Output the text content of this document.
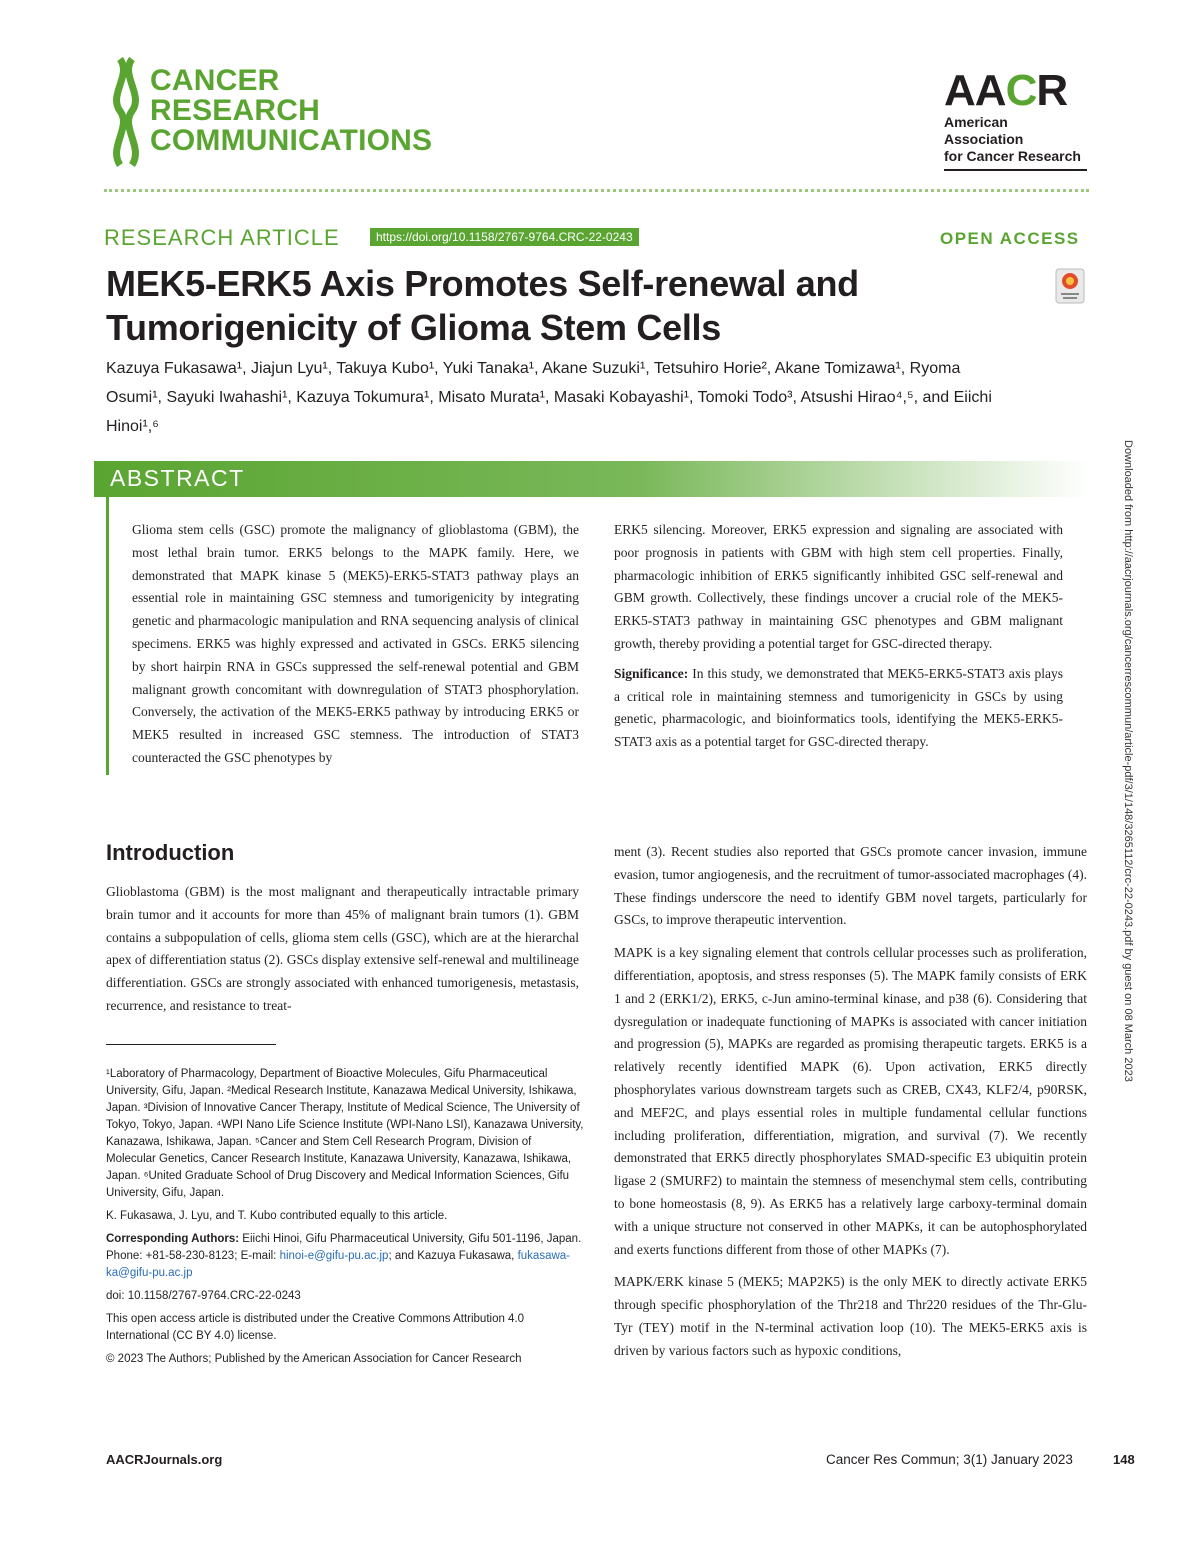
CANCER
RESEARCH
COMMUNICATIONS
AACR
American Association
for Cancer Research
RESEARCH ARTICLE	https://doi.org/10.1158/2767-9764.CRC-22-0243	OPEN ACCESS
MEK5-ERK5 Axis Promotes Self-renewal and Tumorigenicity of Glioma Stem Cells
Kazuya Fukasawa¹, Jiajun Lyu¹, Takuya Kubo¹, Yuki Tanaka¹, Akane Suzuki¹, Tetsuhiro Horie², Akane Tomizawa¹, Ryoma Osumi¹, Sayuki Iwahashi¹, Kazuya Tokumura¹, Misato Murata¹, Masaki Kobayashi¹, Tomoki Todo³, Atsushi Hirao⁴,⁵, and Eiichi Hinoi¹,⁶
ABSTRACT

Glioma stem cells (GSC) promote the malignancy of glioblastoma (GBM), the most lethal brain tumor. ERK5 belongs to the MAPK family. Here, we demonstrated that MAPK kinase 5 (MEK5)-ERK5-STAT3 pathway plays an essential role in maintaining GSC stemness and tumorigenicity by integrating genetic and pharmacologic manipulation and RNA sequencing analysis of clinical specimens. ERK5 was highly expressed and activated in GSCs. ERK5 silencing by short hairpin RNA in GSCs suppressed the self-renewal potential and GBM malignant growth concomitant with downregulation of STAT3 phosphorylation. Conversely, the activation of the MEK5-ERK5 pathway by introducing ERK5 or MEK5 resulted in increased GSC stemness. The introduction of STAT3 counteracted the GSC phenotypes by

ERK5 silencing. Moreover, ERK5 expression and signaling are associated with poor prognosis in patients with GBM with high stem cell properties. Finally, pharmacologic inhibition of ERK5 significantly inhibited GSC self-renewal and GBM growth. Collectively, these findings uncover a crucial role of the MEK5-ERK5-STAT3 pathway in maintaining GSC phenotypes and GBM malignant growth, thereby providing a potential target for GSC-directed therapy.

Significance: In this study, we demonstrated that MEK5-ERK5-STAT3 axis plays a critical role in maintaining stemness and tumorigenicity in GSCs by using genetic, pharmacologic, and bioinformatics tools, identifying the MEK5-ERK5-STAT3 axis as a potential target for GSC-directed therapy.	Downloaded from http://aacrjournals.org/cancerrescommun/article-pdf/3/1/148/3265112/crc-22-0243.pdf by guest on 08 March 2023
Introduction

Glioblastoma (GBM) is the most malignant and therapeutically intractable primary brain tumor and it accounts for more than 45% of malignant brain tumors (1). GBM contains a subpopulation of cells, glioma stem cells (GSC), which are at the hierarchal apex of differentiation status (2). GSCs display extensive self-renewal and multilineage differentiation. GSCs are strongly associated with enhanced tumorigenesis, metastasis, recurrence, and resistance to treat-

ment (3). Recent studies also reported that GSCs promote cancer invasion, immune evasion, tumor angiogenesis, and the recruitment of tumor-associated macrophages (4). These findings underscore the need to identify GBM novel targets, particularly for GSCs, to improve therapeutic intervention.

MAPK is a key signaling element that controls cellular processes such as proliferation, differentiation, apoptosis, and stress responses (5). The MAPK family consists of ERK 1 and 2 (ERK1/2), ERK5, c-Jun amino-terminal kinase, and p38 (6). Considering that dysregulation or inadequate functioning of MAPKs is associated with cancer initiation and progression (5), MAPKs are regarded as promising therapeutic targets. ERK5 is a relatively recently identified MAPK (6). Upon activation, ERK5 directly phosphorylates various downstream targets such as CREB, CX43, KLF2/4, p90RSK, and MEF2C, and plays essential roles in multiple fundamental cellular functions including proliferation, differentiation, migration, and survival (7). We recently demonstrated that ERK5 directly phosphorylates SMAD-specific E3 ubiquitin protein ligase 2 (SMURF2) to maintain the stemness of mesenchymal stem cells, contributing to bone homeostasis (8, 9). As ERK5 has a relatively large carboxy-terminal domain with a unique structure not conserved in other MAPKs, it can be autophosphorylated and exerts functions different from those of other MAPKs (7).

MAPK/ERK kinase 5 (MEK5; MAP2K5) is the only MEK to directly activate ERK5 through specific phosphorylation of the Thr218 and Thr220 residues of the Thr-Glu-Tyr (TEY) motif in the N-terminal activation loop (10). The MEK5-ERK5 axis is driven by various factors such as hypoxic conditions,

¹Laboratory of Pharmacology, Department of Bioactive Molecules, Gifu Pharmaceutical University, Gifu, Japan. ²Medical Research Institute, Kanazawa Medical University, Ishikawa, Japan. ³Division of Innovative Cancer Therapy, Institute of Medical Science, The University of Tokyo, Tokyo, Japan. ⁴WPI Nano Life Science Institute (WPI-Nano LSI), Kanazawa University, Kanazawa, Ishikawa, Japan. ⁵Cancer and Stem Cell Research Program, Division of Molecular Genetics, Cancer Research Institute, Kanazawa University, Kanazawa, Ishikawa, Japan. ⁶United Graduate School of Drug Discovery and Medical Information Sciences, Gifu University, Gifu, Japan.

K. Fukasawa, J. Lyu, and T. Kubo contributed equally to this article.

Corresponding Authors: Eiichi Hinoi, Gifu Pharmaceutical University, Gifu 501-1196, Japan. Phone: +81-58-230-8123; E-mail: hinoi-e@gifu-pu.ac.jp; and Kazuya Fukasawa, fukasawa-ka@gifu-pu.ac.jp

doi: 10.1158/2767-9764.CRC-22-0243

This open access article is distributed under the Creative Commons Attribution 4.0 International (CC BY 4.0) license.

© 2023 The Authors; Published by the American Association for Cancer Research

AACRJournals.org	Cancer Res Commun; 3(1) January 2023	148
